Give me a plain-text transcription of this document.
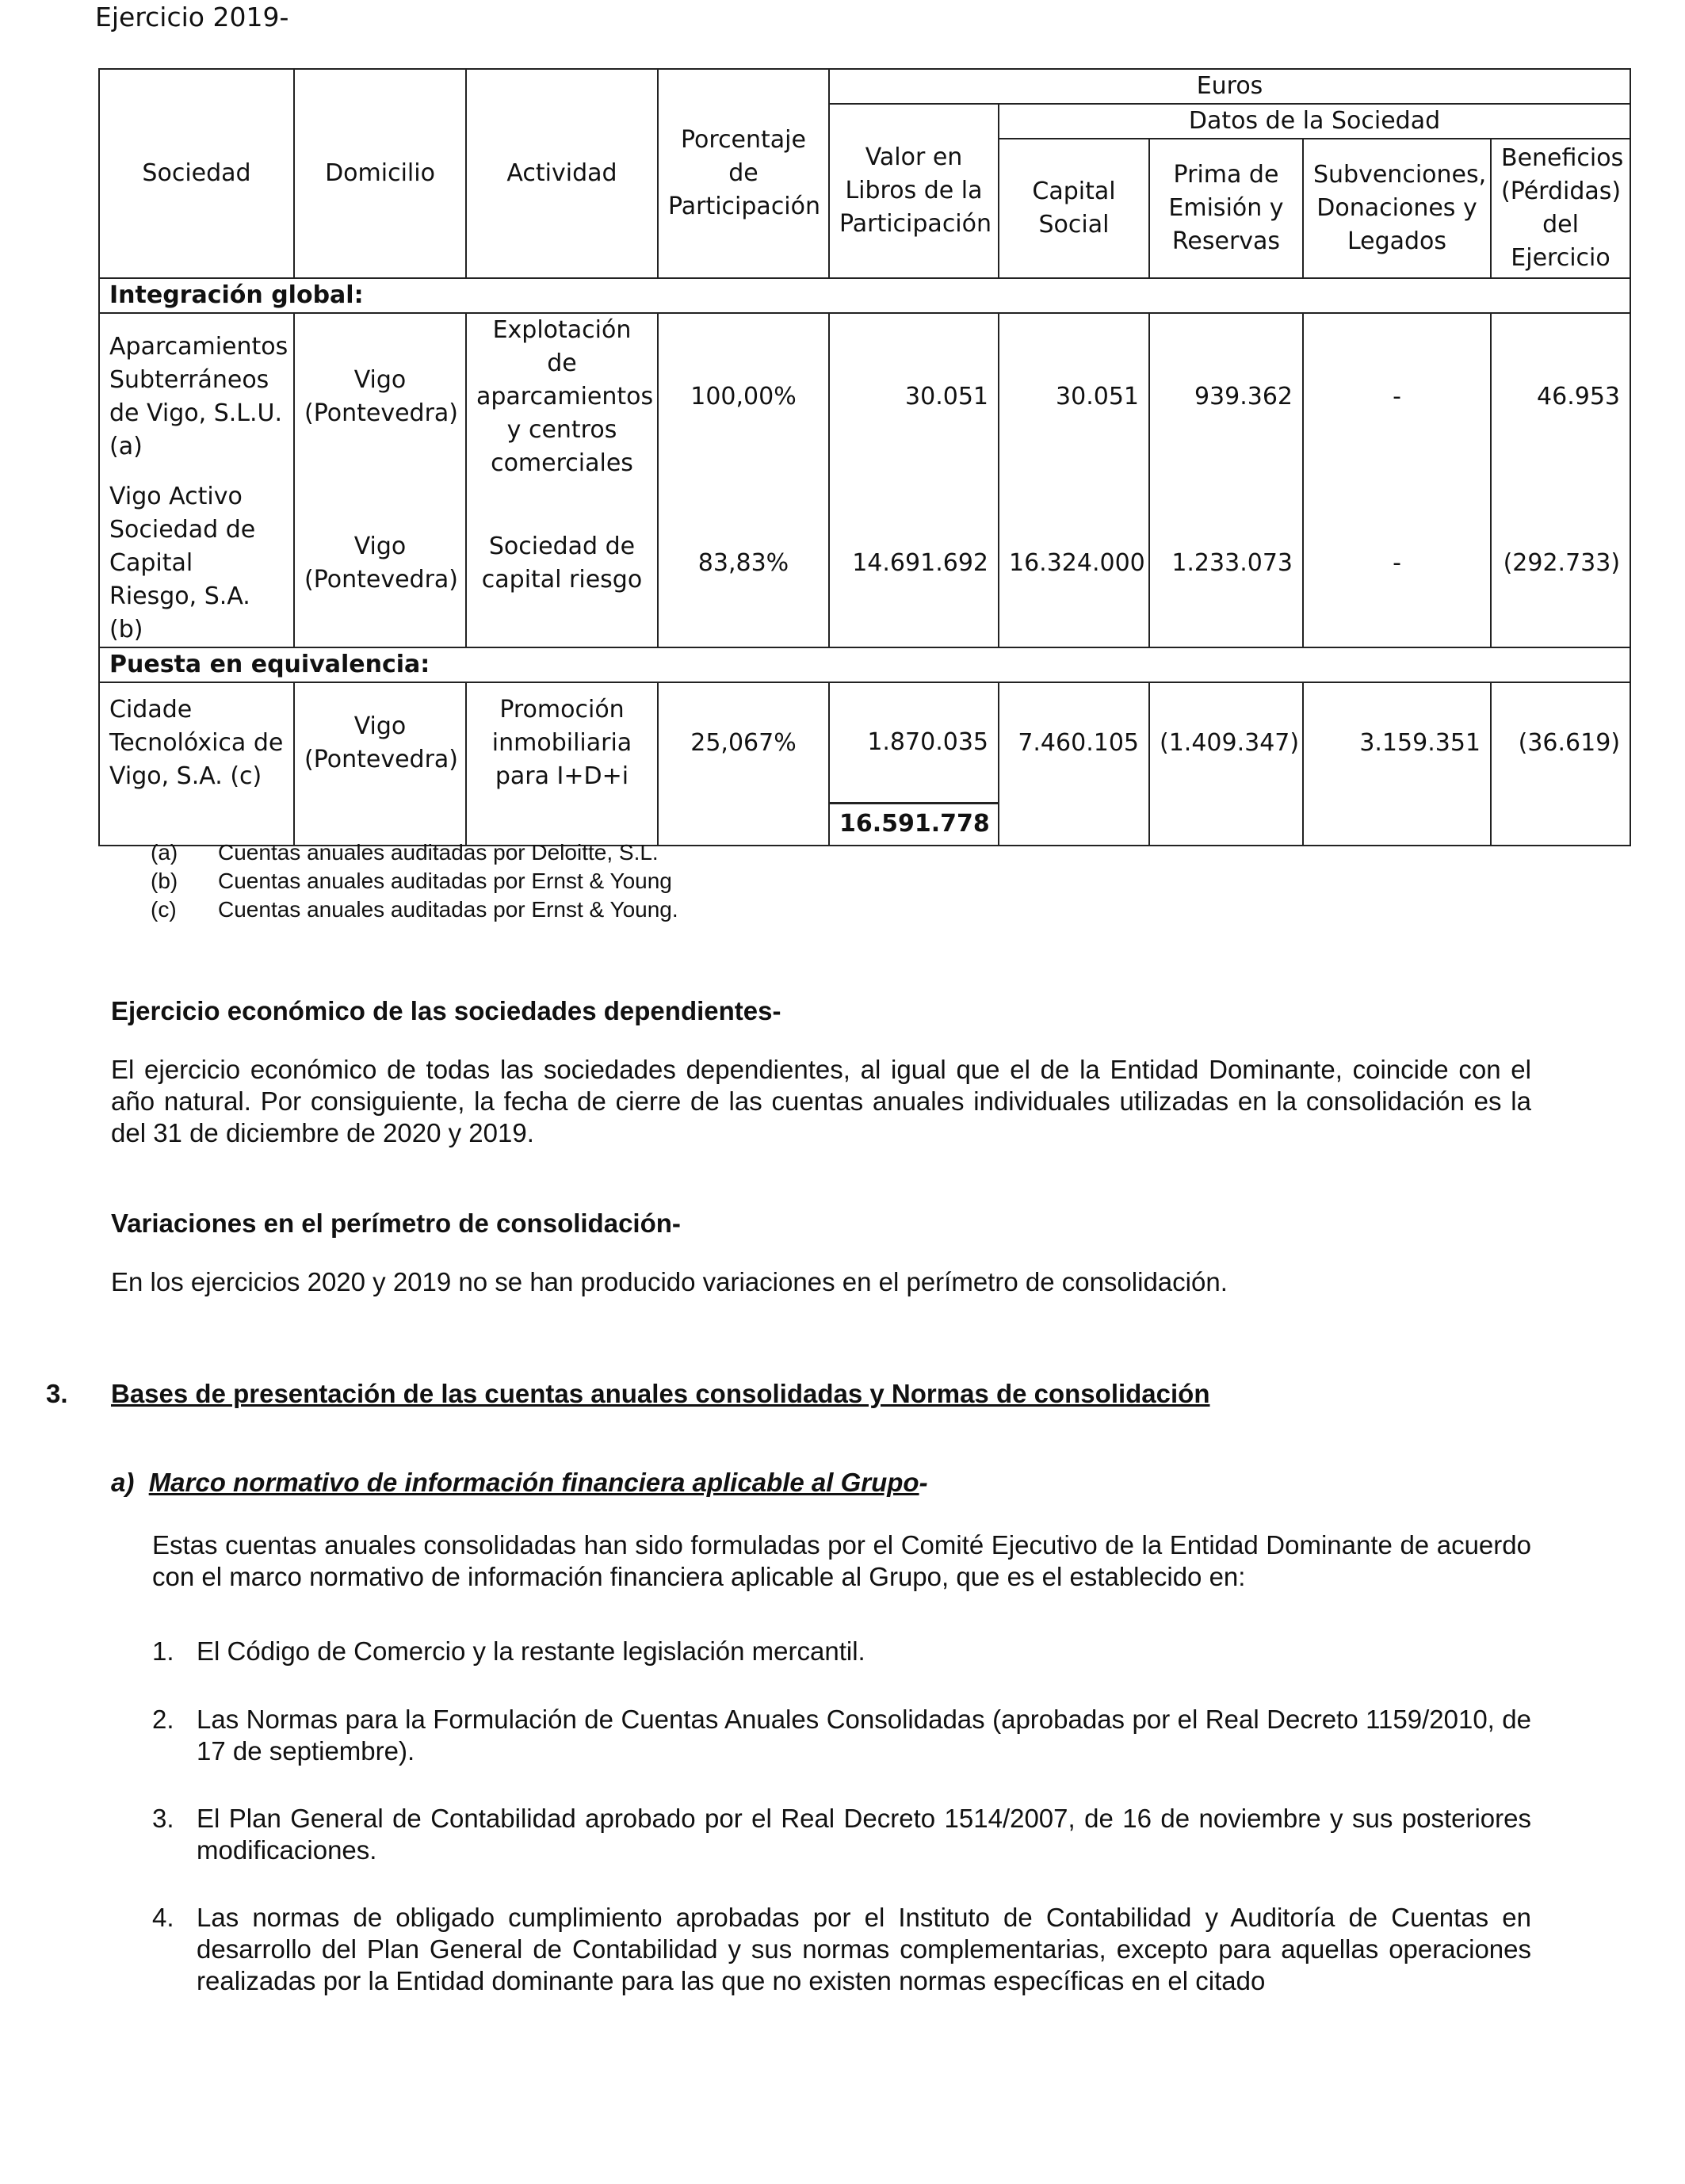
Ejercicio 2019-
Sociedad	Domicilio	Actividad	Porcentaje de Participación	Euros				
				Valor en Libros de la Participación	Datos de la Sociedad			
					Capital Social	Prima de Emisión y Reservas	Subvenciones, Donaciones y Legados	Beneficios (Pérdidas) del Ejercicio
Integración global:								
Aparcamientos Subterráneos de Vigo, S.L.U. (a)	Vigo (Pontevedra)	Explotación de aparcamientos y centros comerciales	100,00%	30.051	30.051	939.362	-	46.953
Vigo Activo Sociedad de Capital Riesgo, S.A. (b)	Vigo (Pontevedra)	Sociedad de capital riesgo	83,83%	14.691.692	16.324.000	1.233.073	-	(292.733)
Puesta en equivalencia:								
Cidade Tecnolóxica de Vigo, S.A. (c)	Vigo (Pontevedra)	Promoción inmobiliaria para I+D+i	25,067%	1.870.035	7.460.105	(1.409.347)	3.159.351	(36.619)
				16.591.778				
(a)	Cuentas anuales auditadas por Deloitte, S.L.
(b)	Cuentas anuales auditadas por Ernst & Young
(c)	Cuentas anuales auditadas por Ernst & Young.
Ejercicio económico de las sociedades dependientes-
El ejercicio económico de todas las sociedades dependientes, al igual que el de la Entidad Dominante, coincide con el año natural. Por consiguiente, la fecha de cierre de las cuentas anuales individuales utilizadas en la consolidación es la del 31 de diciembre de 2020 y 2019.
Variaciones en el perímetro de consolidación-
En los ejercicios 2020 y 2019 no se han producido variaciones en el perímetro de consolidación.
3. Bases de presentación de las cuentas anuales consolidadas y Normas de consolidación
a) Marco normativo de información financiera aplicable al Grupo-
Estas cuentas anuales consolidadas han sido formuladas por el Comité Ejecutivo de la Entidad Dominante de acuerdo con el marco normativo de información financiera aplicable al Grupo, que es el establecido en:
1. El Código de Comercio y la restante legislación mercantil.
2. Las Normas para la Formulación de Cuentas Anuales Consolidadas (aprobadas por el Real Decreto 1159/2010, de 17 de septiembre).
3. El Plan General de Contabilidad aprobado por el Real Decreto 1514/2007, de 16 de noviembre y sus posteriores modificaciones.
4. Las normas de obligado cumplimiento aprobadas por el Instituto de Contabilidad y Auditoría de Cuentas en desarrollo del Plan General de Contabilidad y sus normas complementarias, excepto para aquellas operaciones realizadas por la Entidad dominante para las que no existen normas específicas en el citado
